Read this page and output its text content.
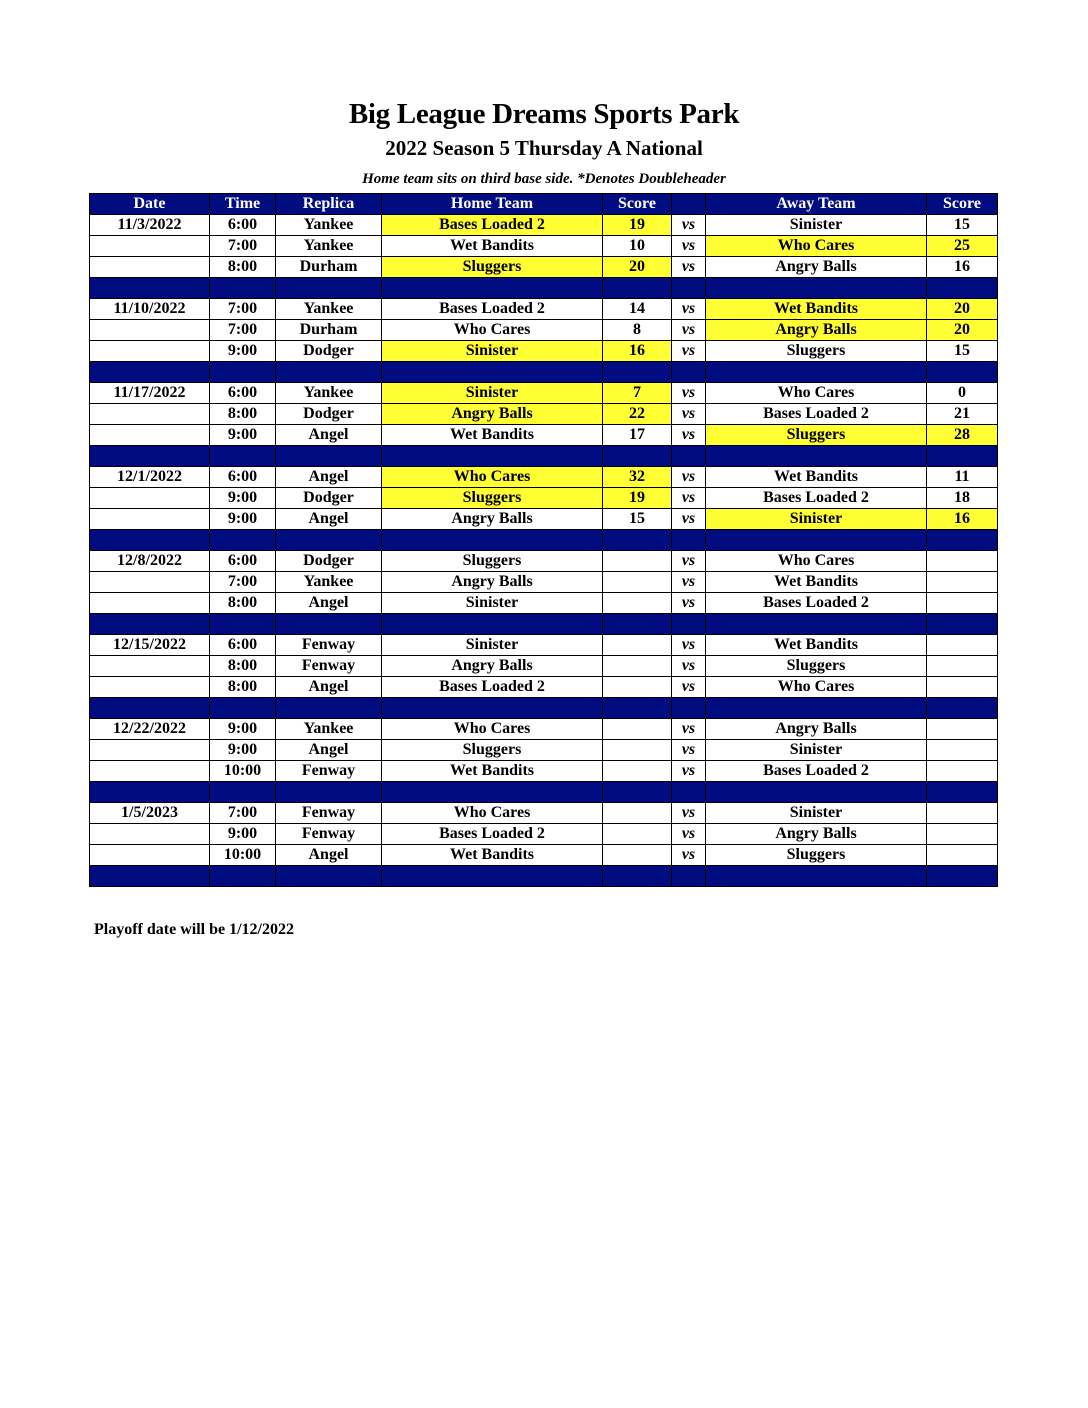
Big League Dreams Sports Park
2022 Season 5 Thursday A National
Home team sits on third base side. *Denotes Doubleheader
Date	Time	Replica	Home Team	Score		Away Team	Score
11/3/2022	6:00	Yankee	Bases Loaded 2	19	vs	Sinister	15
	7:00	Yankee	Wet Bandits	10	vs	Who Cares	25
	8:00	Durham	Sluggers	20	vs	Angry Balls	16

11/10/2022	7:00	Yankee	Bases Loaded 2	14	vs	Wet Bandits	20
	7:00	Durham	Who Cares	8	vs	Angry Balls	20
	9:00	Dodger	Sinister	16	vs	Sluggers	15

11/17/2022	6:00	Yankee	Sinister	7	vs	Who Cares	0
	8:00	Dodger	Angry Balls	22	vs	Bases Loaded 2	21
	9:00	Angel	Wet Bandits	17	vs	Sluggers	28

12/1/2022	6:00	Angel	Who Cares	32	vs	Wet Bandits	11
	9:00	Dodger	Sluggers	19	vs	Bases Loaded 2	18
	9:00	Angel	Angry Balls	15	vs	Sinister	16

12/8/2022	6:00	Dodger	Sluggers		vs	Who Cares	
	7:00	Yankee	Angry Balls		vs	Wet Bandits	
	8:00	Angel	Sinister		vs	Bases Loaded 2	

12/15/2022	6:00	Fenway	Sinister		vs	Wet Bandits	
	8:00	Fenway	Angry Balls		vs	Sluggers	
	8:00	Angel	Bases Loaded 2		vs	Who Cares	

12/22/2022	9:00	Yankee	Who Cares		vs	Angry Balls	
	9:00	Angel	Sluggers		vs	Sinister	
	10:00	Fenway	Wet Bandits		vs	Bases Loaded 2	

1/5/2023	7:00	Fenway	Who Cares		vs	Sinister	
	9:00	Fenway	Bases Loaded 2		vs	Angry Balls	
	10:00	Angel	Wet Bandits		vs	Sluggers	

Playoff date will be 1/12/2022
